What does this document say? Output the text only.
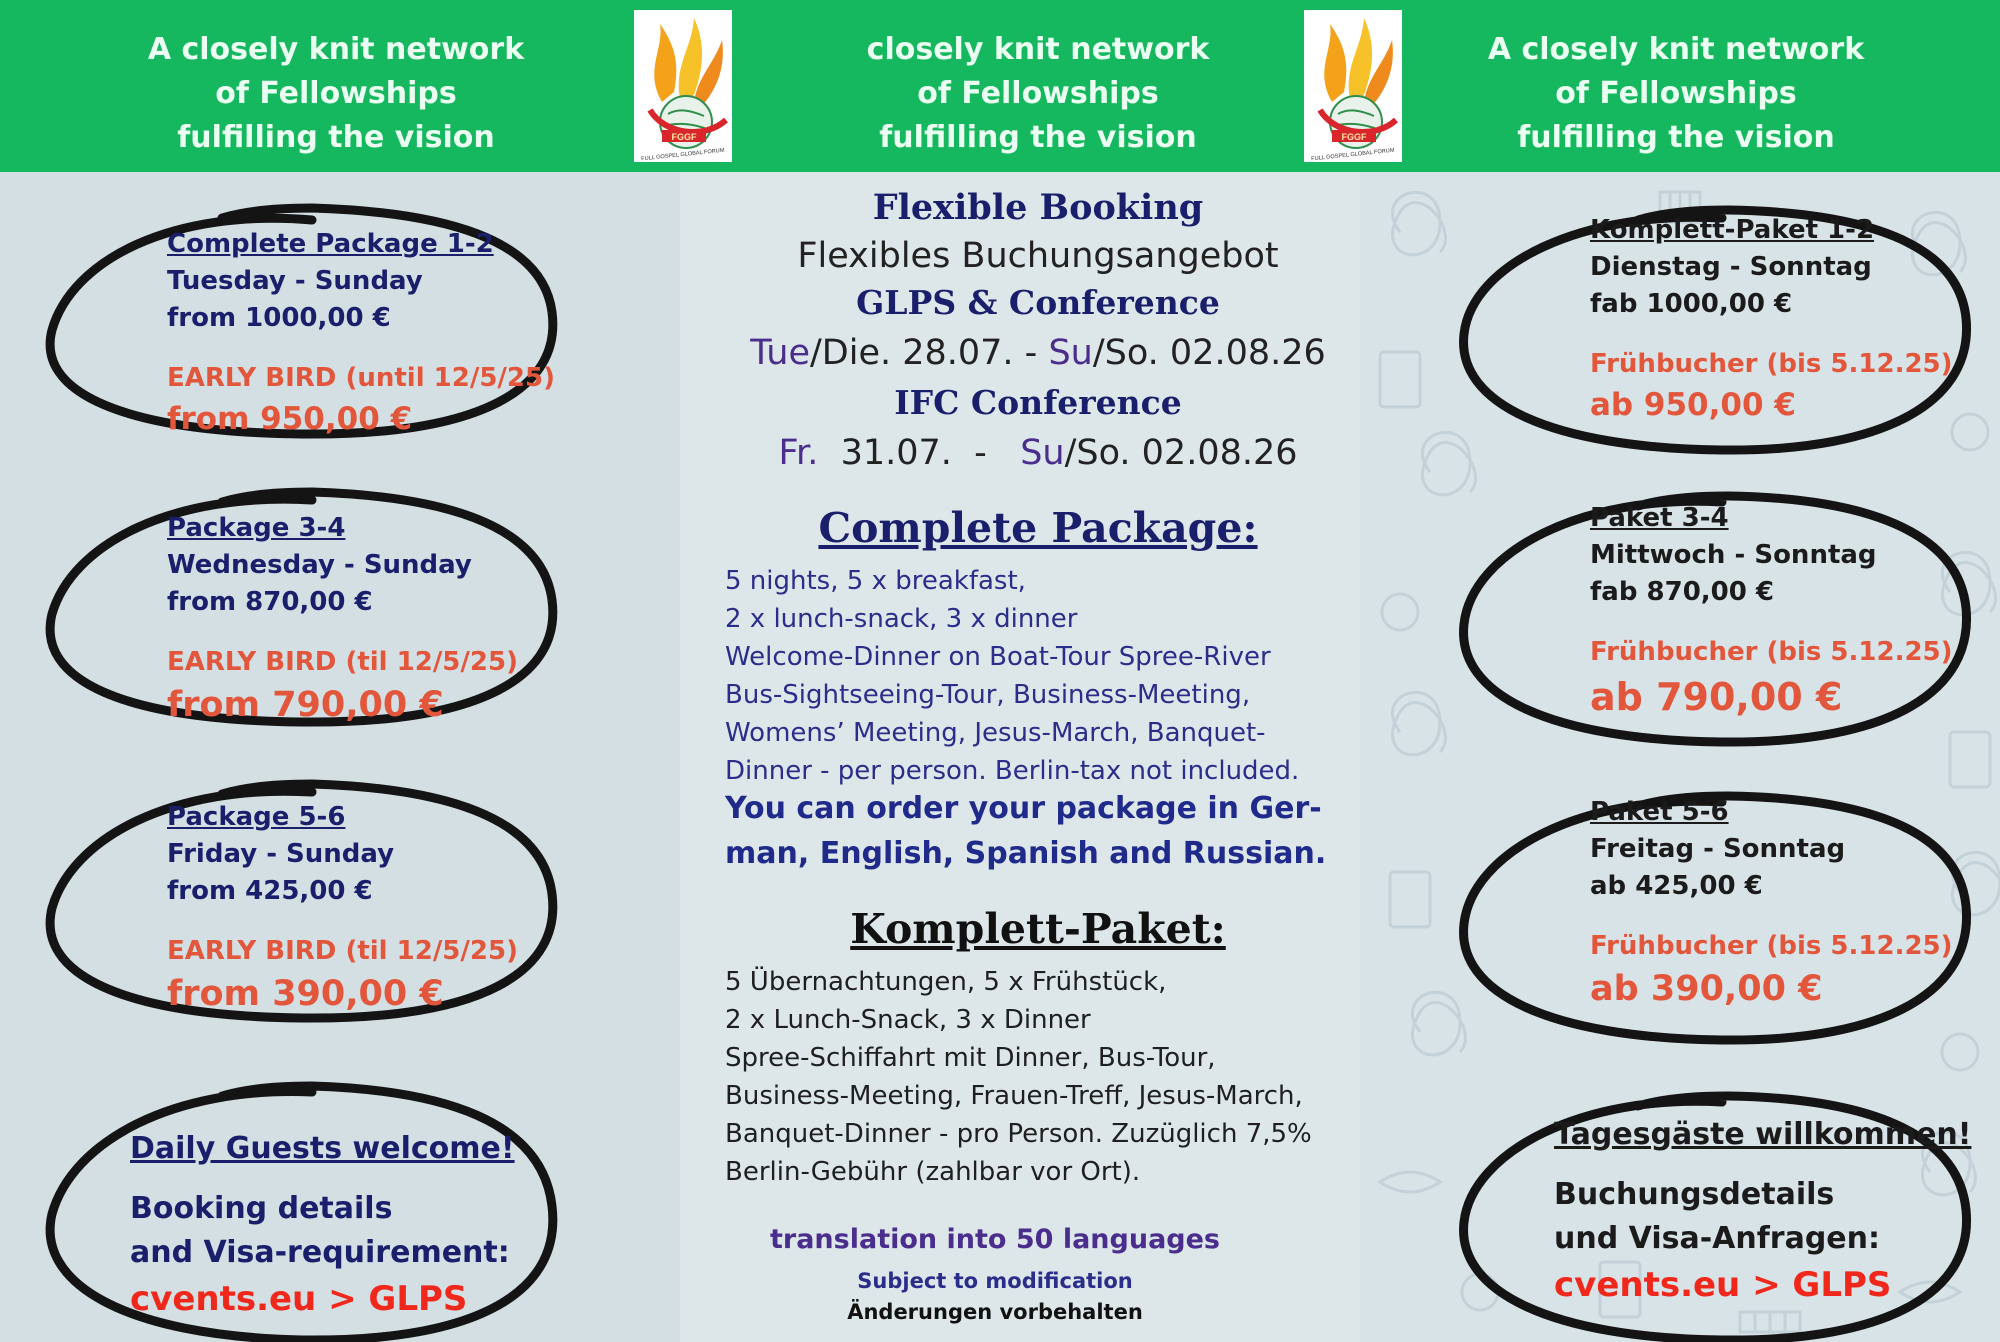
A closely knit network
of Fellowships
fulfilling the vision
closely knit network
of Fellowships
fulfilling the vision
A closely knit network
of Fellowships
fulfilling the vision
FGGF
FULL GOSPEL GLOBAL FORUM
FGGF
FULL GOSPEL GLOBAL FORUM
Complete Package 1-2
Tuesday - Sunday
from 1000,00 €
EARLY BIRD (until 12/5/25)
from 950,00 €
Package 3-4
Wednesday - Sunday
from 870,00 €
EARLY BIRD (til 12/5/25)
from 790,00 €
Package 5-6
Friday - Sunday
from 425,00 €
EARLY BIRD (til 12/5/25)
from 390,00 €
Daily Guests welcome!
Booking details
and Visa-requirement:
cvents.eu > GLPS
Flexible Booking
Flexibles Buchungsangebot
GLPS & Conference
Tue/Die. 28.07. - Su/So. 02.08.26
IFC Conference
Fr.  31.07.  -   Su/So. 02.08.26
Complete Package:
5 nights, 5 x breakfast,
2 x lunch-snack, 3 x dinner
Welcome-Dinner on Boat-Tour Spree-River
Bus-Sightseeing-Tour, Business-Meeting,
Womens’ Meeting, Jesus-March, Banquet-
Dinner - per person. Berlin-tax not included.
You can order your package in Ger-
man, English, Spanish and Russian.
Komplett-Paket:
5 Übernachtungen, 5 x Frühstück,
2 x Lunch-Snack, 3 x Dinner
Spree-Schiffahrt mit Dinner, Bus-Tour,
Business-Meeting, Frauen-Treff, Jesus-March,
Banquet-Dinner - pro Person. Zuzüglich 7,5%
Berlin-Gebühr (zahlbar vor Ort).
translation into 50 languages
Subject to modification
Änderungen vorbehalten
Komplett-Paket 1-2
Dienstag - Sonntag
fab 1000,00 €
Frühbucher (bis 5.12.25)
ab 950,00 €
Paket 3-4
Mittwoch - Sonntag
fab 870,00 €
Frühbucher (bis 5.12.25)
ab 790,00 €
Paket 5-6
Freitag - Sonntag
ab 425,00 €
Frühbucher (bis 5.12.25)
ab 390,00 €
Tagesgäste willkommen!
Buchungsdetails
und Visa-Anfragen:
cvents.eu > GLPS
